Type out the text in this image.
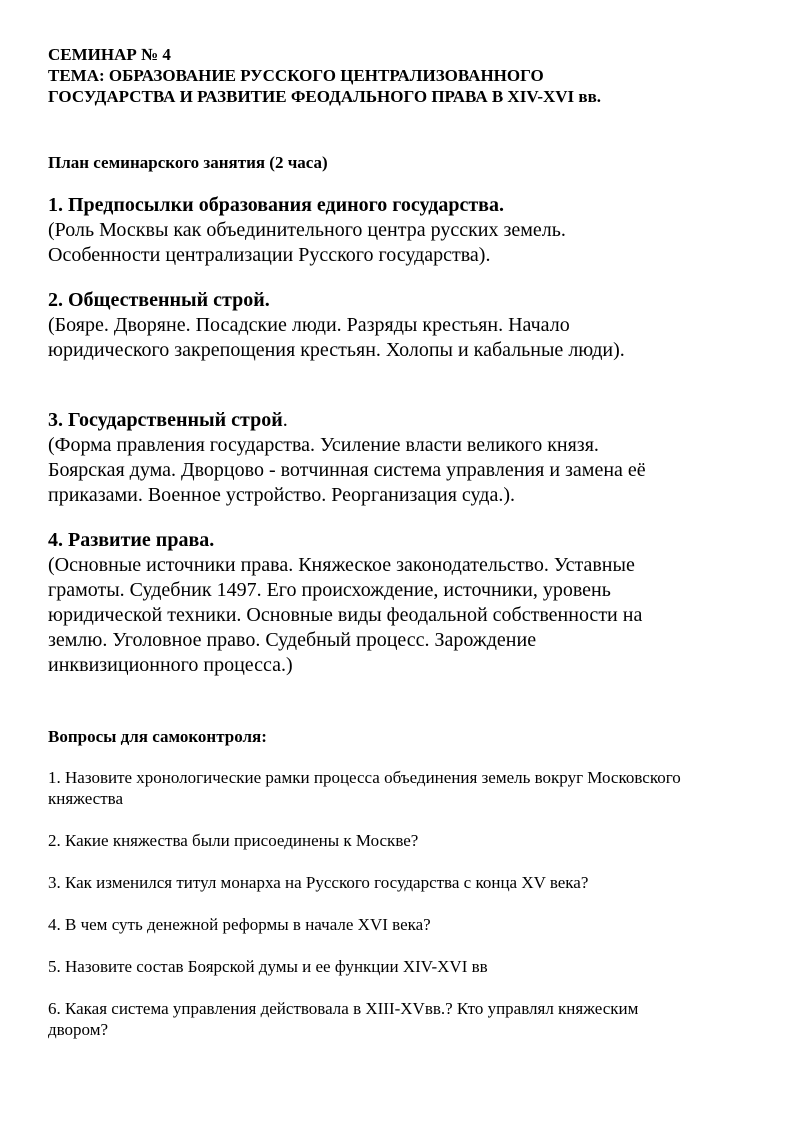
СЕМИНАР № 4
ТЕМА: ОБРАЗОВАНИЕ РУССКОГО ЦЕНТРАЛИЗОВАННОГО
ГОСУДАРСТВА И РАЗВИТИЕ ФЕОДАЛЬНОГО ПРАВА В XIV-XVI вв.
План семинарского занятия (2 часа)
1. Предпосылки образования единого государства.
(Роль Москвы как объединительного центра русских земель.
Особенности централизации Русского государства).
2. Общественный строй.
(Бояре. Дворяне. Посадские люди. Разряды крестьян. Начало
юридического закрепощения крестьян. Холопы и кабальные люди).
3. Государственный строй.
(Форма правления государства. Усиление власти великого князя.
Боярская дума. Дворцово - вотчинная система управления и замена её
приказами. Военное устройство. Реорганизация суда.).
4. Развитие права.
(Основные источники права. Княжеское законодательство. Уставные
грамоты. Судебник 1497. Его происхождение, источники, уровень
юридической техники. Основные виды феодальной собственности на
землю. Уголовное право. Судебный процесс. Зарождение
инквизиционного процесса.)
Вопросы для самоконтроля:
1. Назовите хронологические рамки процесса объединения земель вокруг Московского
княжества
2. Какие княжества были присоединены к Москве?
3. Как изменился титул монарха на Русского государства с конца XV века?
4. В чем суть денежной реформы в начале XVI века?
5. Назовите состав Боярской думы и ее функции XIV-XVI вв
6. Какая система управления действовала в XIII-XVвв.? Кто управлял княжеским
двором?
